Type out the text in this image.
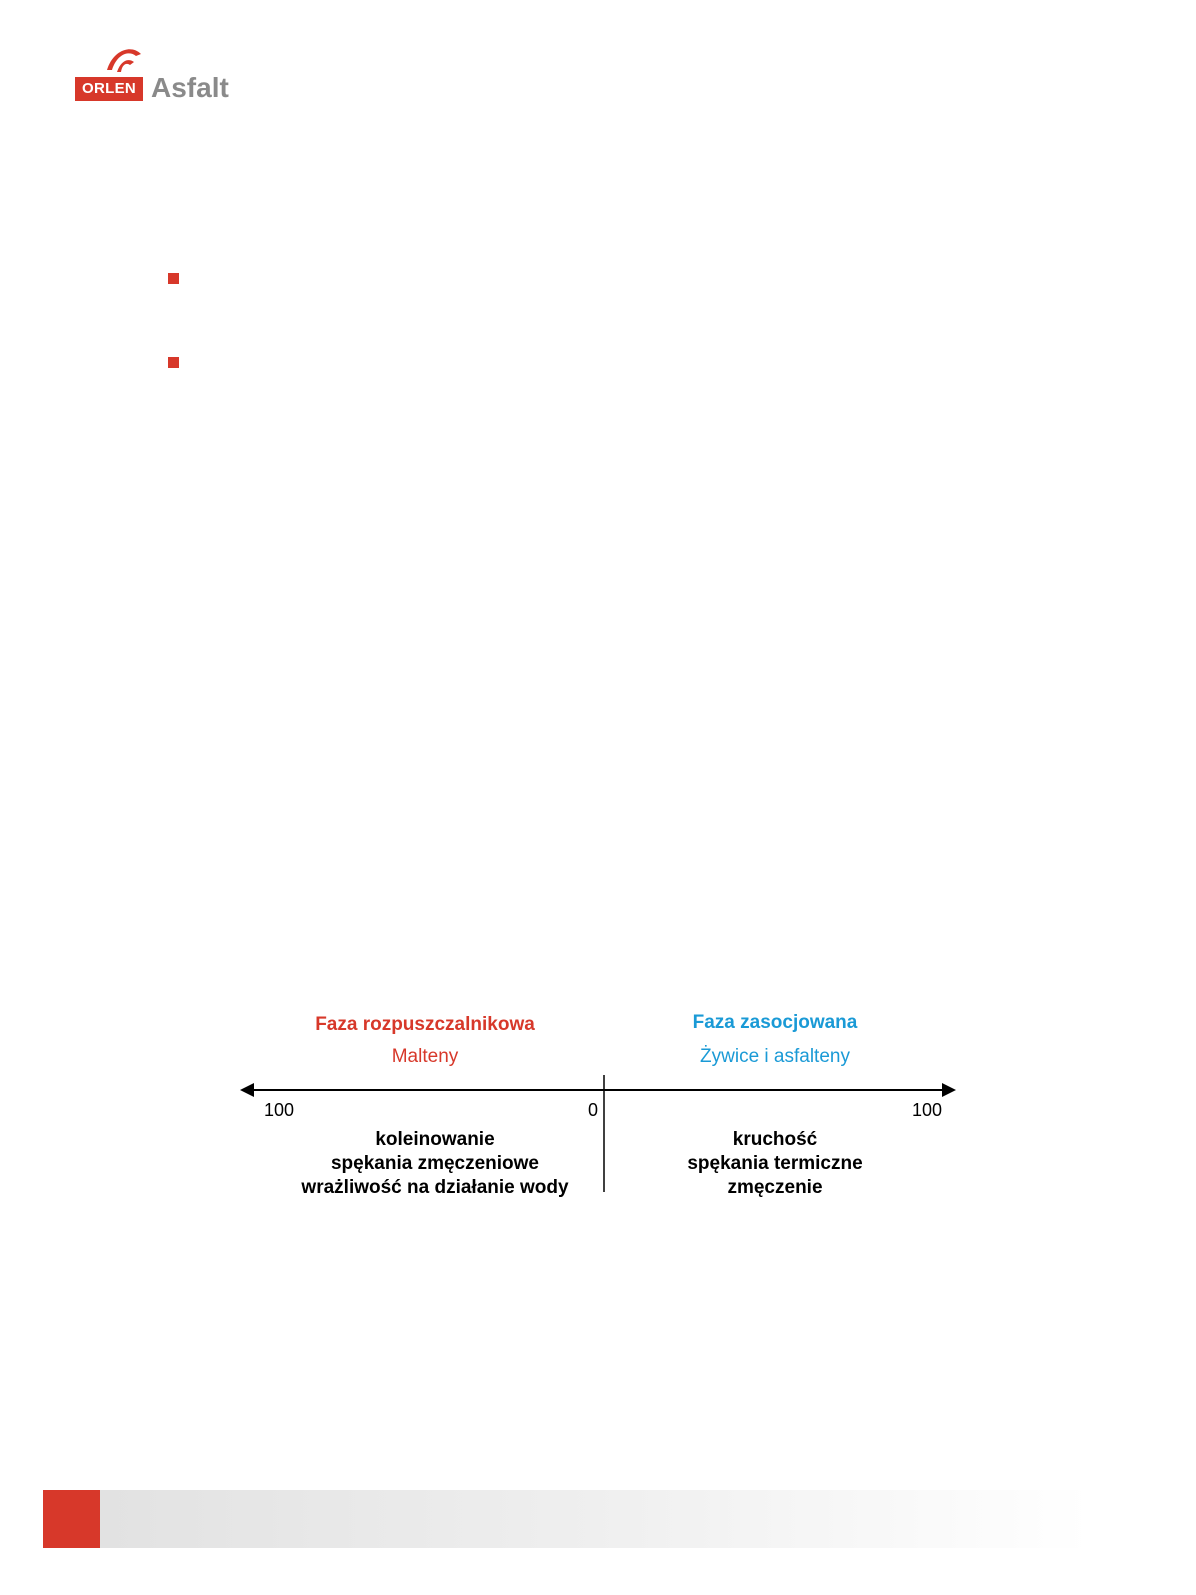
ORLEN Asfalt
Faza rozpuszczalnikowa
Malteny
Faza zasocjowana
Żywice i asfalteny
100	0	100
koleinowanie
spękania zmęczeniowe
wrażliwość na działanie wody
kruchość
spękania termiczne
zmęczenie
